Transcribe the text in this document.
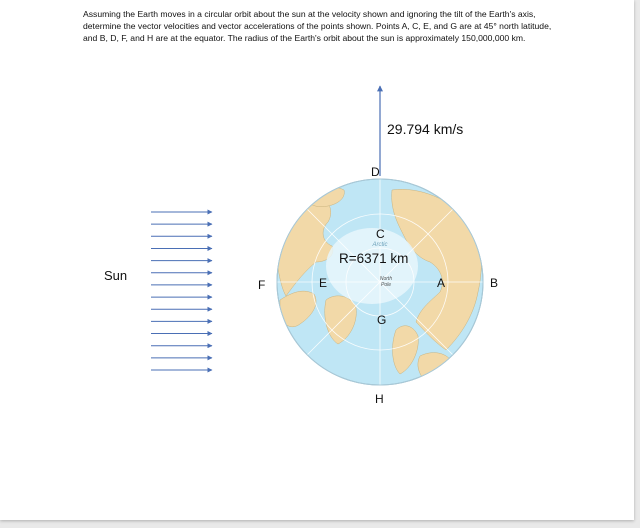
Assuming the Earth moves in a circular orbit about the sun at the velocity shown and ignoring the tilt of the Earth's axis, determine the vector velocities and vector accelerations of the points shown. Points A, C, E, and G are at 45° north latitude, and B, D, F, and H are at the equator. The radius of the Earth's orbit about the sun is approximately 150,000,000 km.

Arctic
North
Pole
Sun
29.794 km/s
R=6371 km
D
C
E	A	B
F
G
H
